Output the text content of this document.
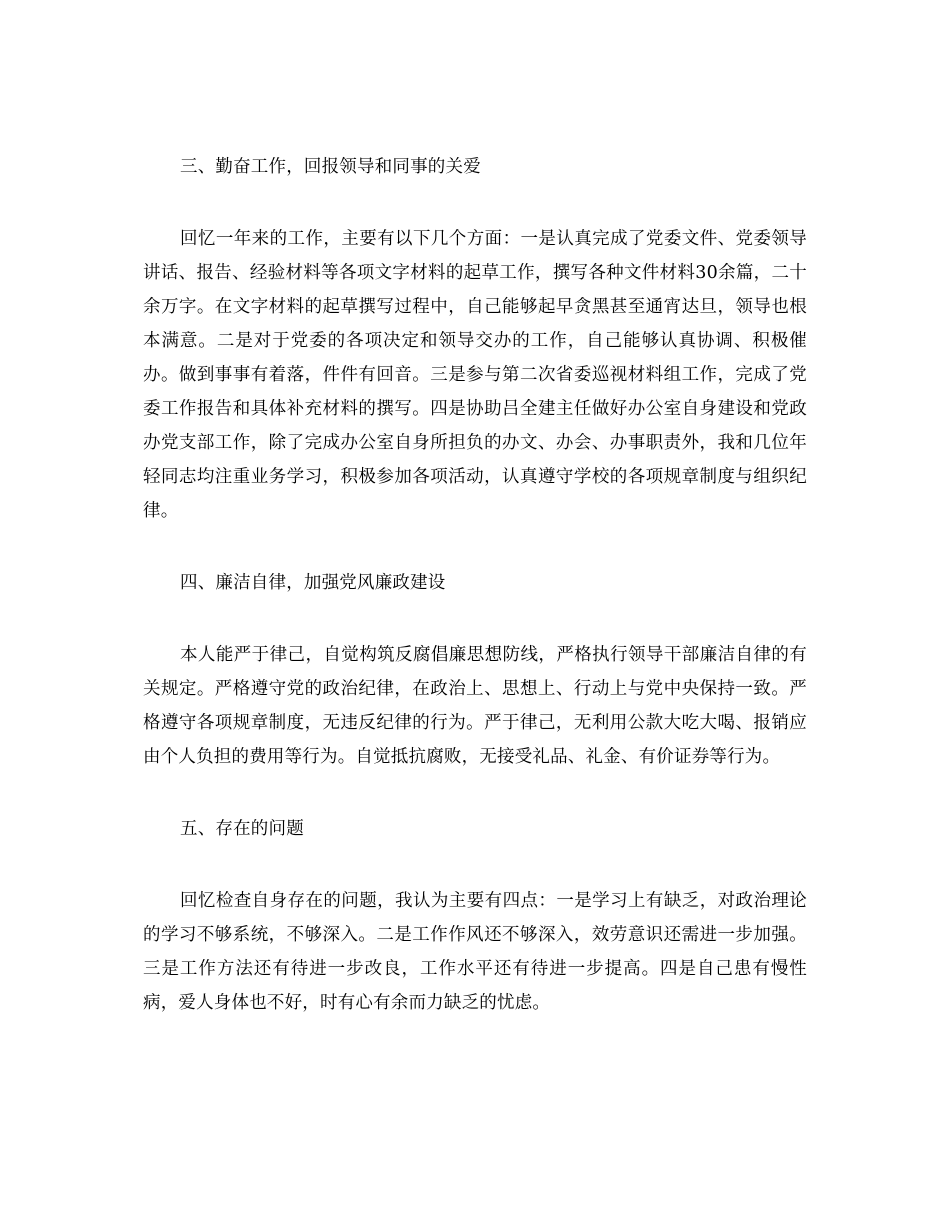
三、勤奋工作，回报领导和同事的关爱

回忆一年来的工作，主要有以下几个方面：一是认真完成了党委文件、党委领导讲话、报告、经验材料等各项文字材料的起草工作，撰写各种文件材料30余篇，二十余万字。在文字材料的起草撰写过程中，自己能够起早贪黑甚至通宵达旦，领导也根本满意。二是对于党委的各项决定和领导交办的工作，自己能够认真协调、积极催办。做到事事有着落，件件有回音。三是参与第二次省委巡视材料组工作，完成了党委工作报告和具体补充材料的撰写。四是协助吕全建主任做好办公室自身建设和党政办党支部工作，除了完成办公室自身所担负的办文、办会、办事职责外，我和几位年轻同志均注重业务学习，积极参加各项活动，认真遵守学校的各项规章制度与组织纪律。

四、廉洁自律，加强党风廉政建设

本人能严于律己，自觉构筑反腐倡廉思想防线，严格执行领导干部廉洁自律的有关规定。严格遵守党的政治纪律，在政治上、思想上、行动上与党中央保持一致。严格遵守各项规章制度，无违反纪律的行为。严于律己，无利用公款大吃大喝、报销应由个人负担的费用等行为。自觉抵抗腐败，无接受礼品、礼金、有价证券等行为。

五、存在的问题

回忆检查自身存在的问题，我认为主要有四点：一是学习上有缺乏，对政治理论的学习不够系统，不够深入。二是工作作风还不够深入，效劳意识还需进一步加强。三是工作方法还有待进一步改良，工作水平还有待进一步提高。四是自己患有慢性病，爱人身体也不好，时有心有余而力缺乏的忧虑。
